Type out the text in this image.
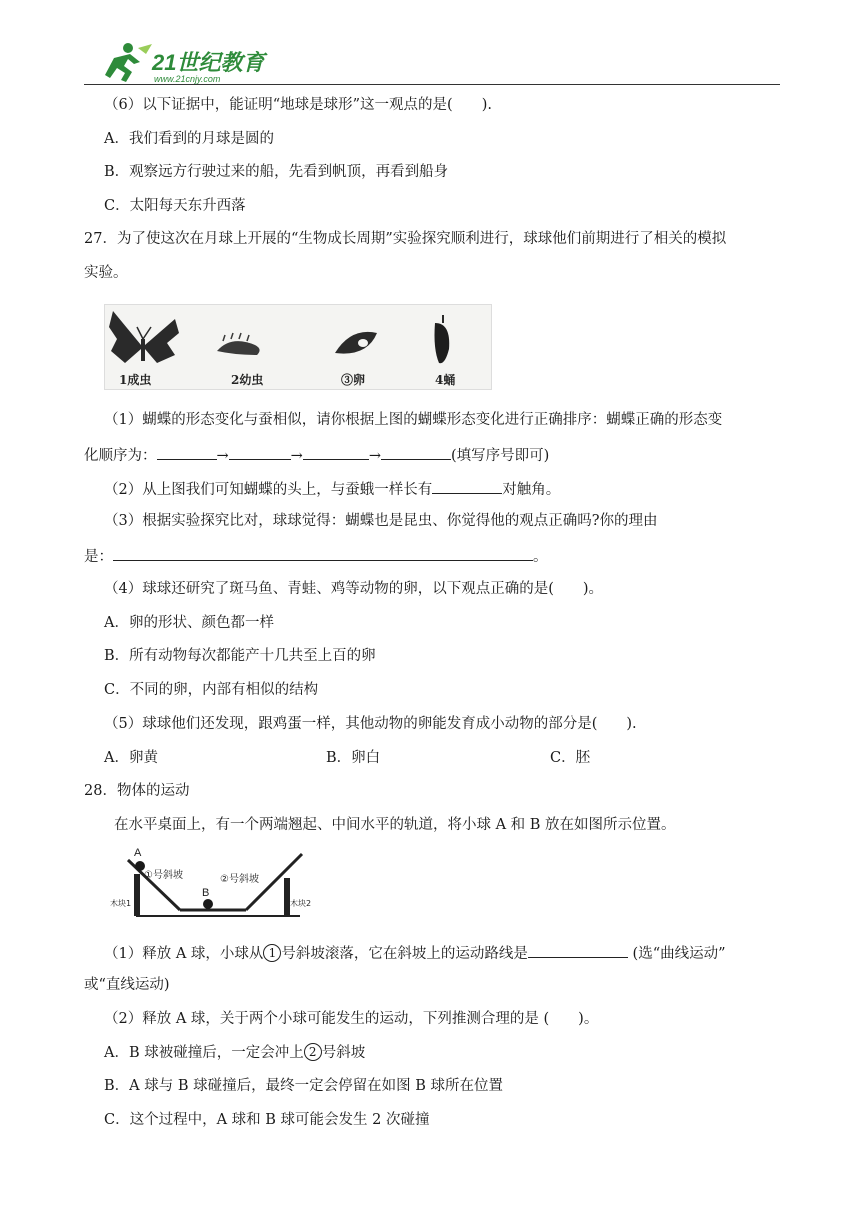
21世纪教育
www.21cnjy.com
（6）以下证据中，能证明“地球是球形”这一观点的是(　　).
A．我们看到的月球是圆的
B．观察远方行驶过来的船，先看到帆顶，再看到船身
C．太阳每天东升西落
27．为了使这次在月球上开展的“生物成长周期”实验探究顺利进行，球球他们前期进行了相关的模拟
实验。
1成虫	2幼虫	③卵	4蛹
（1）蝴蝶的形态变化与蚕相似，请你根据上图的蝴蝶形态变化进行正确排序：蝴蝶正确的形态变
化顺序为：	→	→	→	(填写序号即可)
（2）从上图我们可知蝴蝶的头上，与蚕蛾一样长有	对触角。
（3）根据实验探究比对，球球觉得：蝴蝶也是昆虫、你觉得他的观点正确吗?你的理由
是：	。
（4）球球还研究了斑马鱼、青蛙、鸡等动物的卵，以下观点正确的是(　　)。
A．卵的形状、颜色都一样
B．所有动物每次都能产十几共至上百的卵
C．不同的卵，内部有相似的结构
（5）球球他们还发现，跟鸡蛋一样，其他动物的卵能发育成小动物的部分是(　　).
A．卵黄	B．卵白	C．胚
28．物体的运动
在水平桌面上，有一个两端翘起、中间水平的轨道，将小球 A 和 B 放在如图所示位置。
A
B
①号斜坡	②号斜坡
木块1	木块2
（1）释放 A 球，小球从 1 号斜坡滚落，它在斜坡上的运动路线是	(选“曲线运动”
或“直线运动)
（2）释放 A 球，关于两个小球可能发生的运动，下列推测合理的是 (　　)。
A．B 球被碰撞后，一定会冲上 2 号斜坡
B．A 球与 B 球碰撞后，最终一定会停留在如图 B 球所在位置
C．这个过程中，A 球和 B 球可能会发生 2 次碰撞
